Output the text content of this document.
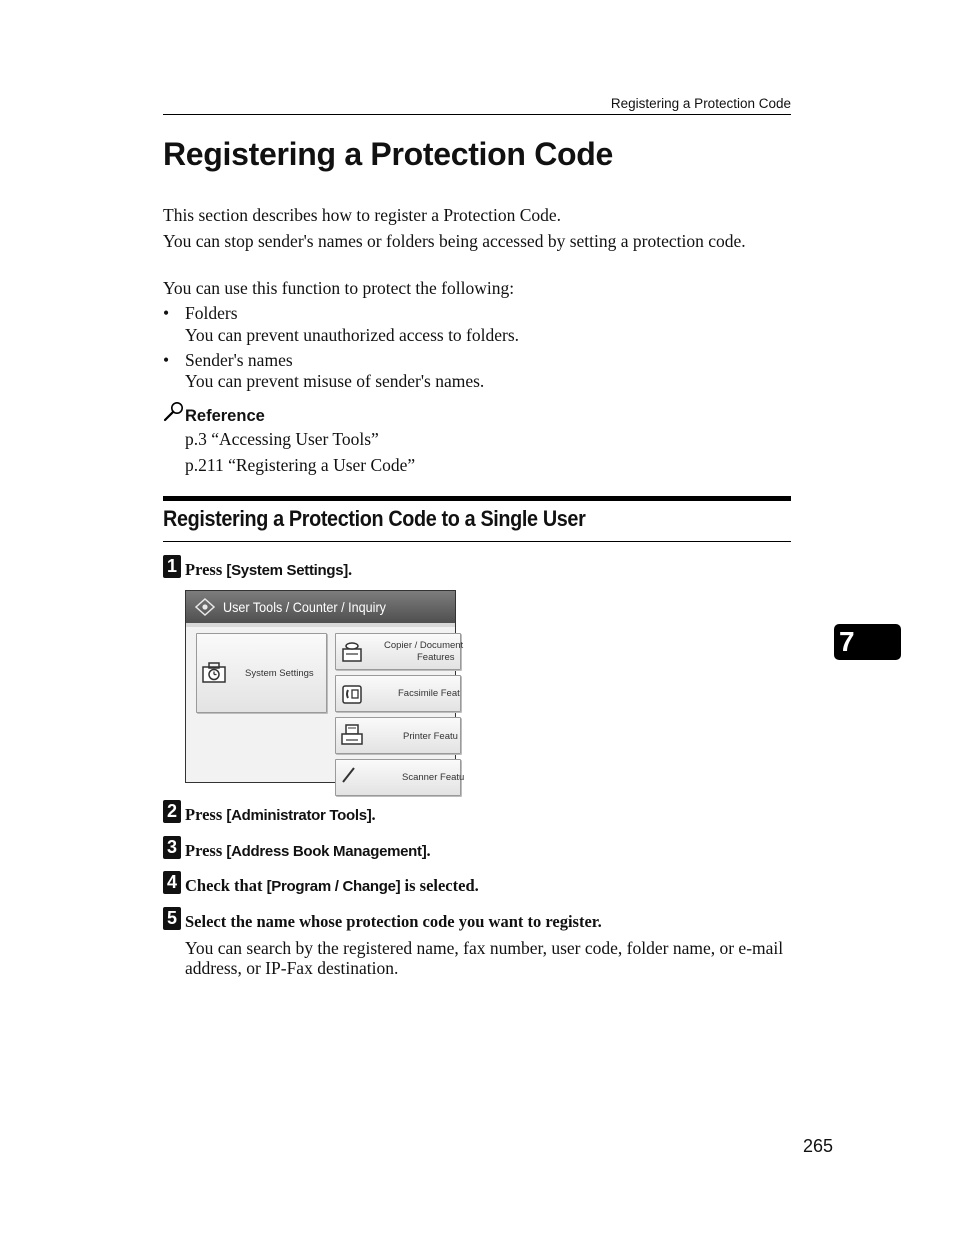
Registering a Protection Code
Registering a Protection Code

This section describes how to register a Protection Code.

You can stop sender's names or folders being accessed by setting a protection code.

You can use this function to protect the following:

• Folders
You can prevent unauthorized access to folders.
• Sender's names
You can prevent misuse of sender's names.
Reference
p.3 “Accessing User Tools”
p.211 “Registering a User Code”
Registering a Protection Code to a Single User
1 Press [System Settings].
User Tools / Counter / Inquiry
System Settings
Copier / Document
Features
Facsimile Feat
Printer Featu
Scanner Featu
2 Press [Administrator Tools].
3 Press [Address Book Management].
4 Check that [Program / Change] is selected.
5 Select the name whose protection code you want to register.

You can search by the registered name, fax number, user code, folder name, or e-mail address, or IP-Fax destination.

7
265
